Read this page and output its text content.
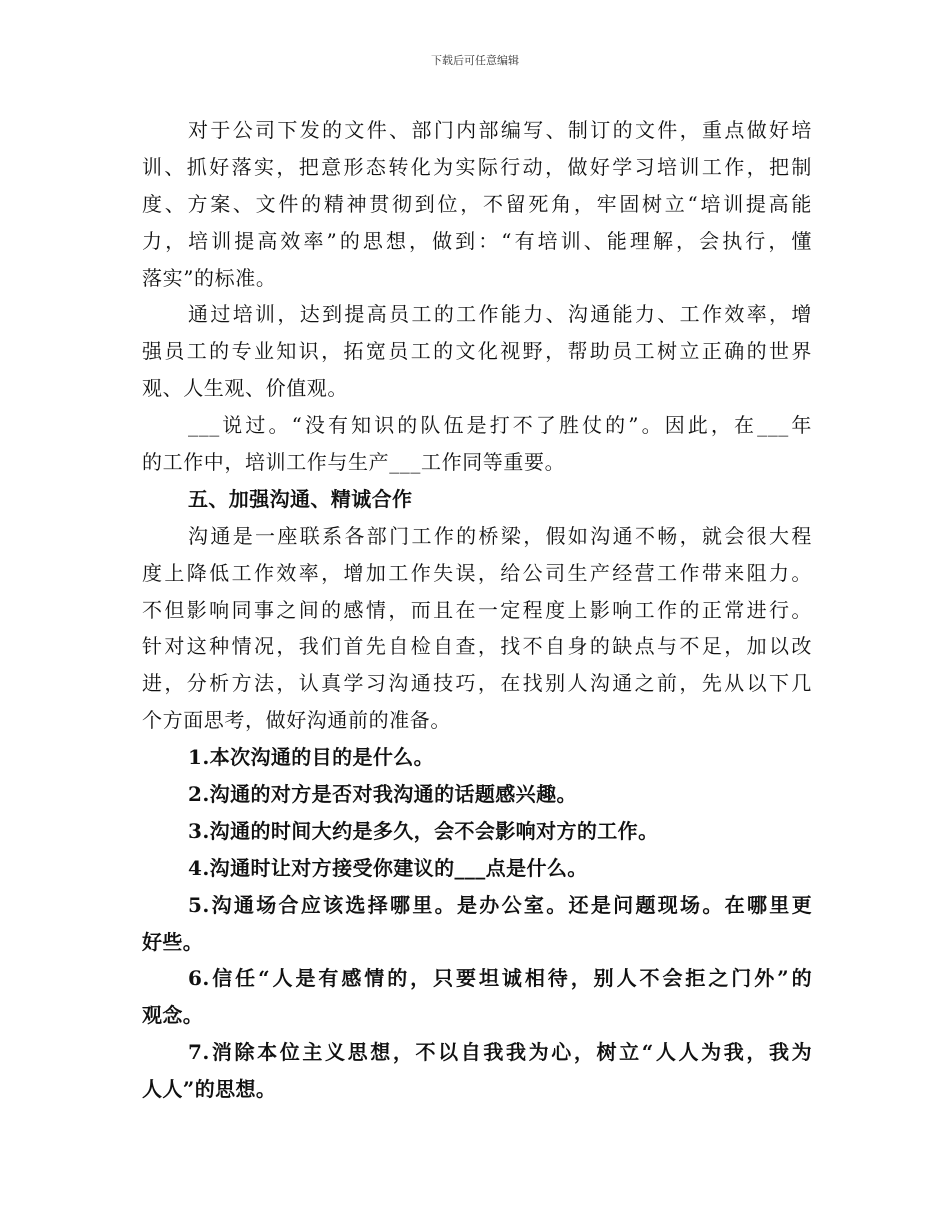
下载后可任意编辑
对于公司下发的文件、部门内部编写、制订的文件，重点做好培
训、抓好落实，把意形态转化为实际行动，做好学习培训工作，把制
度、方案、文件的精神贯彻到位，不留死角，牢固树立“培训提高能
力，培训提高效率”的思想，做到：“有培训、能理解，会执行，懂
落实”的标准。
通过培训，达到提高员工的工作能力、沟通能力、工作效率，增
强员工的专业知识，拓宽员工的文化视野，帮助员工树立正确的世界
观、人生观、价值观。
___说过。“没有知识的队伍是打不了胜仗的”。因此，在___年
的工作中，培训工作与生产___工作同等重要。
五、加强沟通、精诚合作
沟通是一座联系各部门工作的桥梁，假如沟通不畅，就会很大程
度上降低工作效率，增加工作失误，给公司生产经营工作带来阻力。
不但影响同事之间的感情，而且在一定程度上影响工作的正常进行。
针对这种情况，我们首先自检自查，找不自身的缺点与不足，加以改
进，分析方法，认真学习沟通技巧，在找别人沟通之前，先从以下几
个方面思考，做好沟通前的准备。
1.本次沟通的目的是什么。
2.沟通的对方是否对我沟通的话题感兴趣。
3.沟通的时间大约是多久，会不会影响对方的工作。
4.沟通时让对方接受你建议的___点是什么。
5.沟通场合应该选择哪里。是办公室。还是问题现场。在哪里更
好些。
6.信任“人是有感情的，只要坦诚相待，别人不会拒之门外”的
观念。
7.消除本位主义思想，不以自我我为心，树立“人人为我，我为
人人”的思想。
